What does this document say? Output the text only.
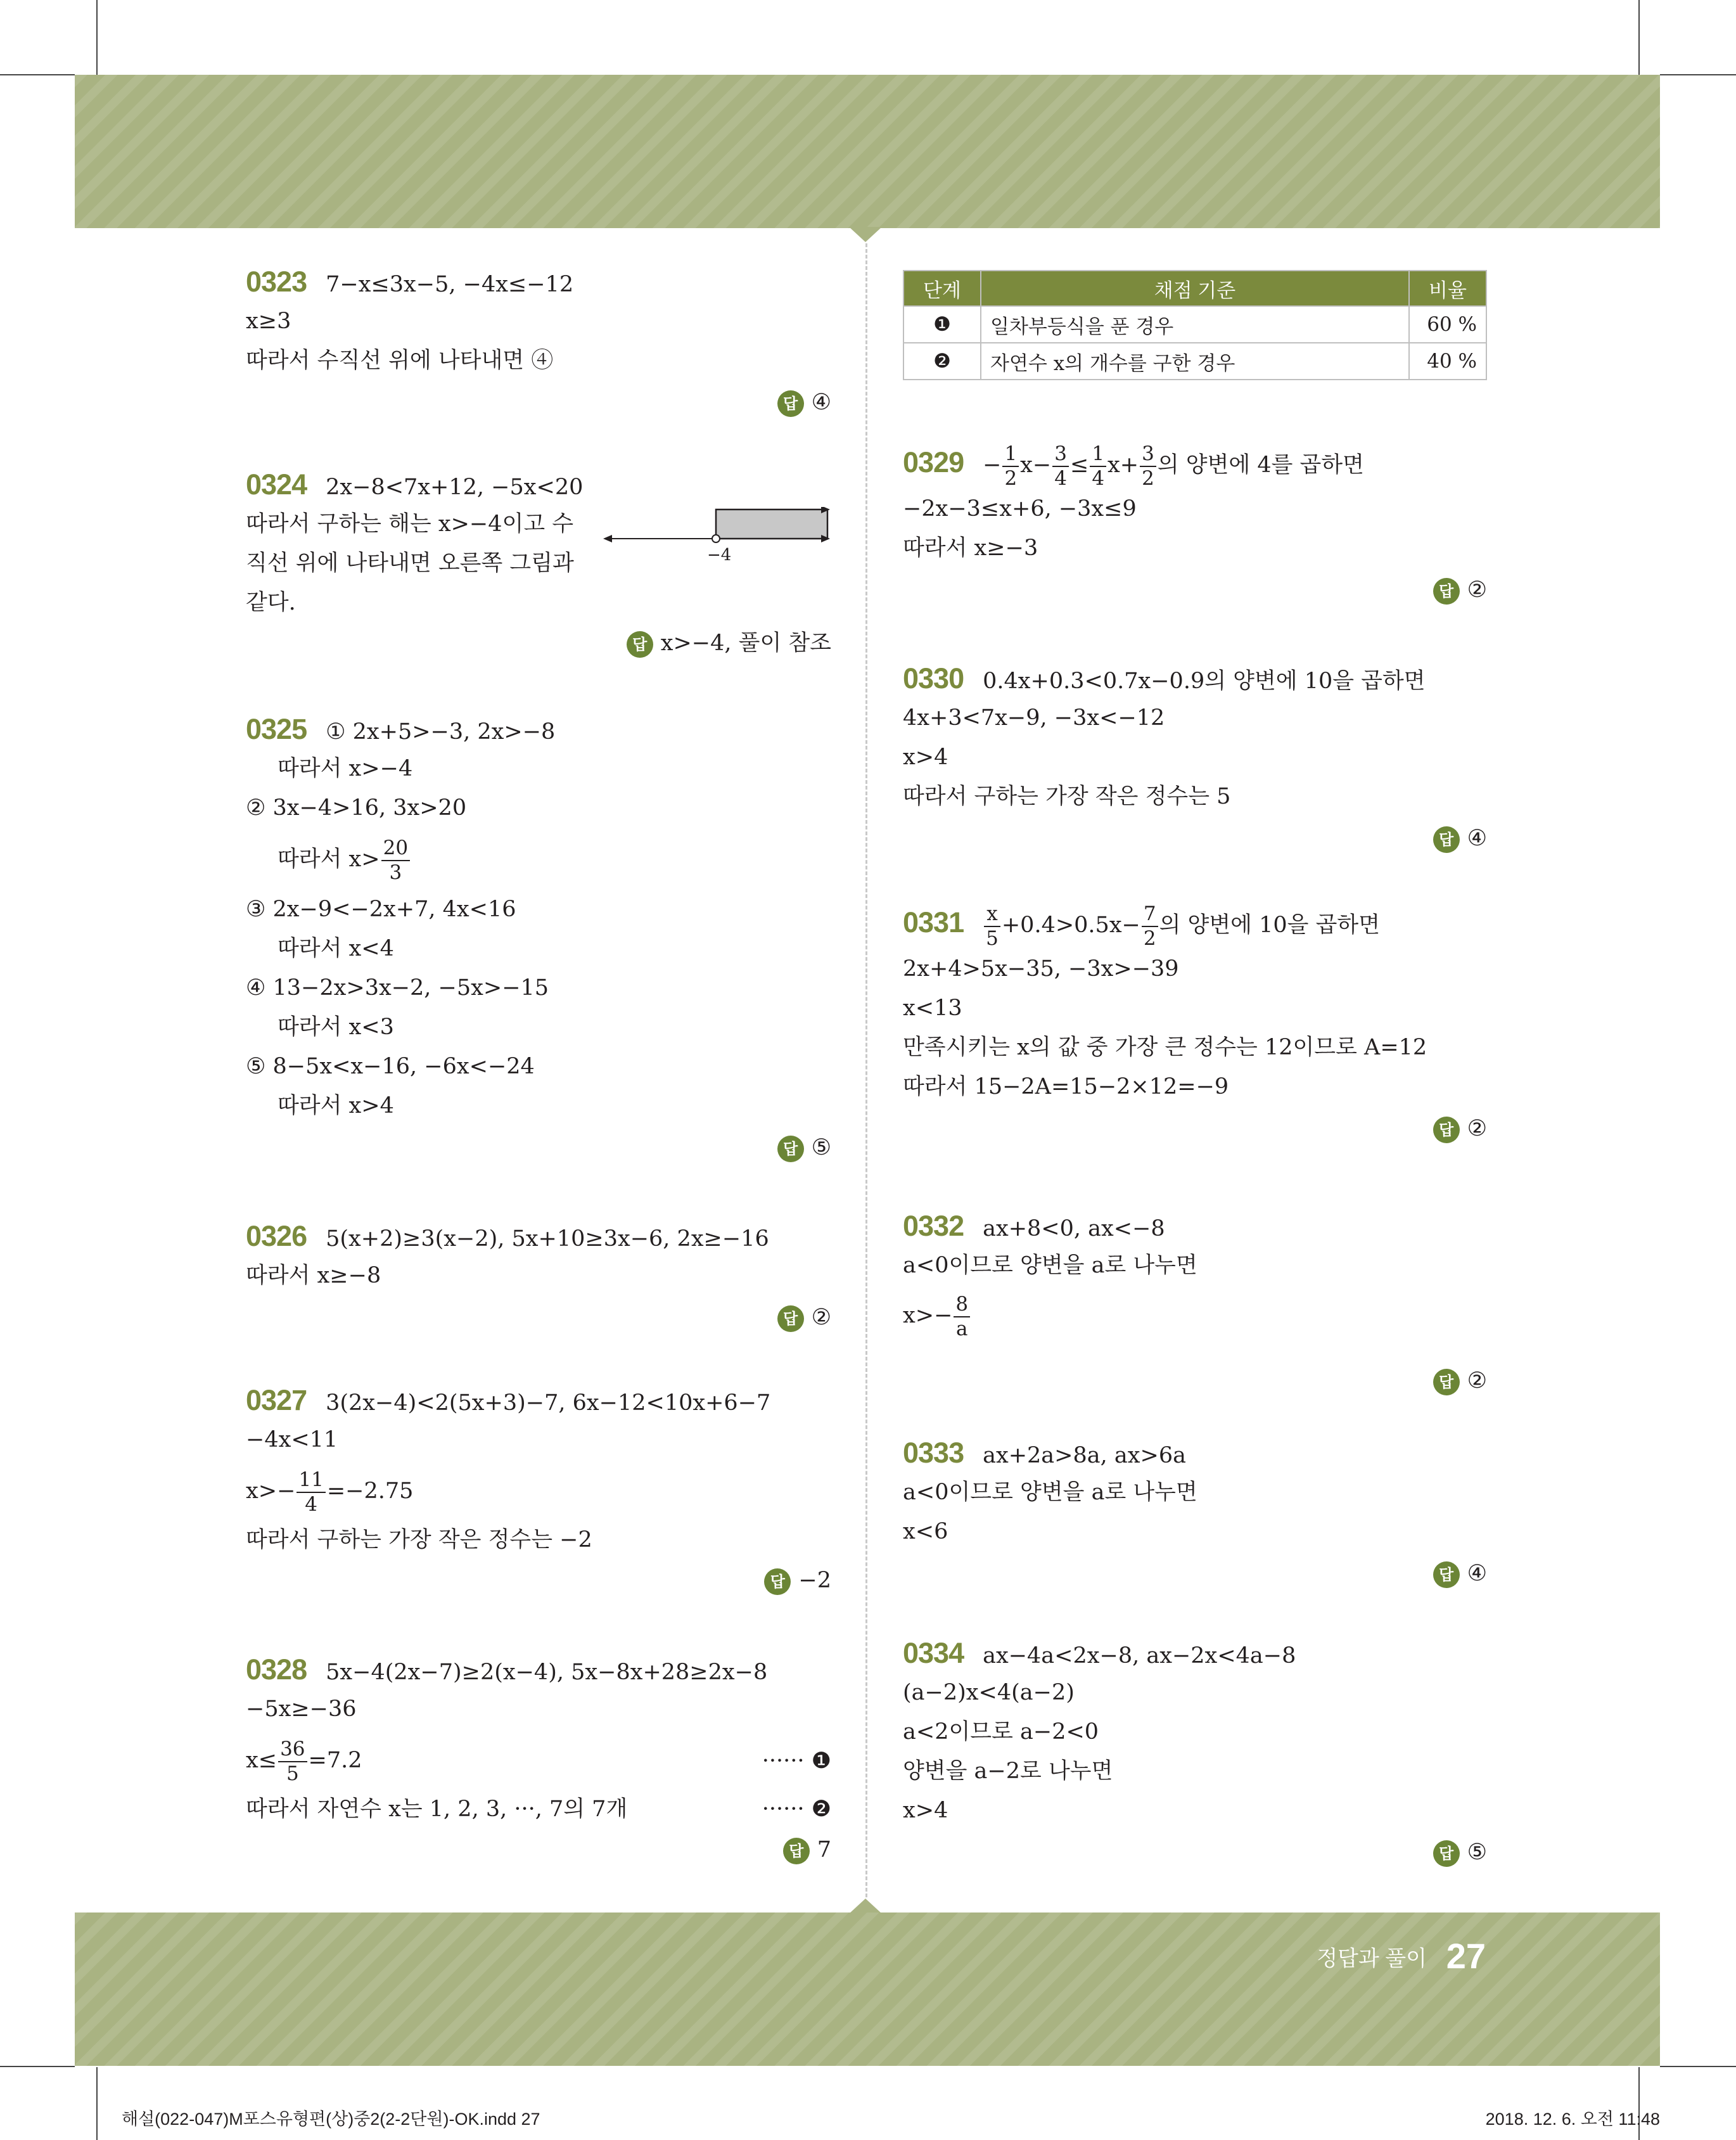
0323 7−x≤3x−5, −4x≤−12
x≥3
따라서 수직선 위에 나타내면 ④
답 ④
0324 2x−8<7x+12, −5x<20
따라서 구하는 해는 x>−4이고 수
직선 위에 나타내면 오른쪽 그림과
같다.
−4
답 x>−4, 풀이 참조
0325 ① 2x+5>−3, 2x>−8
따라서 x>−4
② 3x−4>16, 3x>20
따라서 $x> \frac{20}{3}$
③ 2x−9<−2x+7, 4x<16
따라서 x<4
④ 13−2x>3x−2, −5x>−15
따라서 x<3
⑤ 8−5x<x−16, −6x<−24
따라서 x>4
답 ⑤
0326 5(x+2)≥3(x−2), 5x+10≥3x−6, 2x≥−16
따라서 x≥−8
답 ②
0327 3(2x−4)<2(5x+3)−7, 6x−12<10x+6−7
−4x<11
$x>- \frac{11}{4} =-2.75$
따라서 구하는 가장 작은 정수는 −2
답 −2
0328 5x−4(2x−7)≥2(x−4), 5x−8x+28≥2x−8
−5x≥−36
$x\le \frac{36}{5} =7.2$	······ ❶
따라서 자연수 x는 1, 2, 3, ···, 7의 7개	······ ❷
답 7
단계	채점 기준	비율
❶	일차부등식을 푼 경우	60 %
❷	자연수 x의 개수를 구한 경우	40 %
$0329 - \frac{1}{2} x- \frac{3}{4} \le \frac{1}{4} x+ \frac{3}{2}$ 의 양변에 4를 곱하면
−2x−3≤x+6, −3x≤9
따라서 x≥−3
답 ②
0330 0.4x+0.3<0.7x−0.9의 양변에 10을 곱하면
4x+3<7x−9, −3x<−12
x>4
따라서 구하는 가장 작은 정수는 5
답 ④
$0331 \frac{x}{5} +0.4>0.5x- \frac{7}{2}$ 의 양변에 10을 곱하면
2x+4>5x−35, −3x>−39
x<13
만족시키는 x의 값 중 가장 큰 정수는 12이므로 A=12
따라서 15−2A=15−2×12=−9
답 ②
0332 ax+8<0, ax<−8
a<0이므로 양변을 a로 나누면
$x>- \frac{8}{a}$
답 ②
0333 ax+2a>8a, ax>6a
a<0이므로 양변을 a로 나누면
x<6
답 ④
0334 ax−4a<2x−8, ax−2x<4a−8
(a−2)x<4(a−2)
a<2이므로 a−2<0
양변을 a−2로 나누면
x>4
답 ⑤
정답과 풀이 27
해설(022-047)M포스유형편(상)중2(2-2단원)-OK.indd 27	2018. 12. 6. 오전 11:48
